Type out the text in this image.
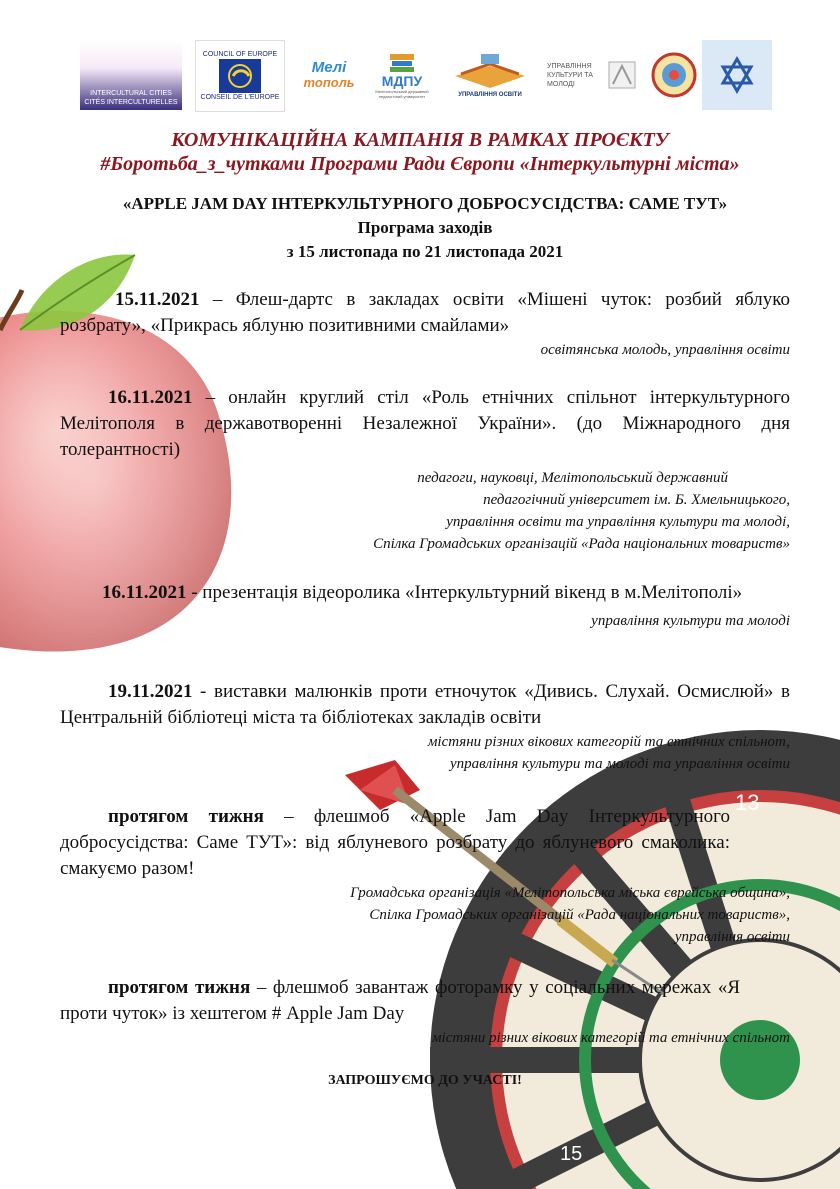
13
15
INTERCULTURAL CITIES
CITÉS INTERCULTURELLES
COUNCIL OF EUROPE
CONSEIL DE L'EUROPE
Мелі
тополь МДПУ
Мелітопольський державний педагогічний університет	УПРАВЛІННЯ ОСВІТИ
УПРАВЛІННЯ КУЛЬТУРИ ТА МОЛОДІ
КОМУНІКАЦІЙНА КАМПАНІЯ В РАМКАХ ПРОЄКТУ
#Боротьба_з_чутками Програми Ради Європи «Інтеркультурні міста»
«APPLE JAM DAY ІНТЕРКУЛЬТУРНОГО ДОБРОСУСІДСТВА: САМЕ ТУТ»
Програма заходів
з 15 листопада по 21 листопада 2021
15.11.2021 – Флеш-дартс в закладах освіти «Мішені чуток: розбий яблуко розбрату», «Прикрась яблуню позитивними смайлами»
освітянська молодь, управління освіти
16.11.2021 – онлайн круглий стіл «Роль етнічних спільнот інтеркультурного Мелітополя в державотворенні Незалежної України». (до Міжнародного дня толерантності)
педагоги, науковці, Мелітопольський державний
педагогічний університет ім. Б. Хмельницького,
управління освіти та управління культури та молоді,
Спілка Громадських організацій «Рада національних товариств»
16.11.2021 - презентація відеоролика «Інтеркультурний вікенд в м.Мелітополі»
управління культури та молоді
19.11.2021 - виставки малюнків проти етночуток «Дивись. Слухай. Осмислюй» в Центральній бібліотеці міста та бібліотеках закладів освіти
містяни різних вікових категорій та етнічних спільнот,
управління культури та молоді та управління освіти
протягом тижня – флешмоб «Apple Jam Day Інтеркультурного добросусідства: Саме ТУТ»: від яблуневого розбрату до яблуневого смаколика: смакуємо разом!
Громадська організація «Мелітопольська міська єврейська община»,
Спілка Громадських організацій «Рада національних товариств»,
управління освіти
протягом тижня – флешмоб завантаж фоторамку у соціальних мережах «Я проти чуток» із хештегом # Apple Jam Day
містяни різних вікових категорій та етнічних спільнот
ЗАПРОШУЄМО ДО УЧАСТІ!
